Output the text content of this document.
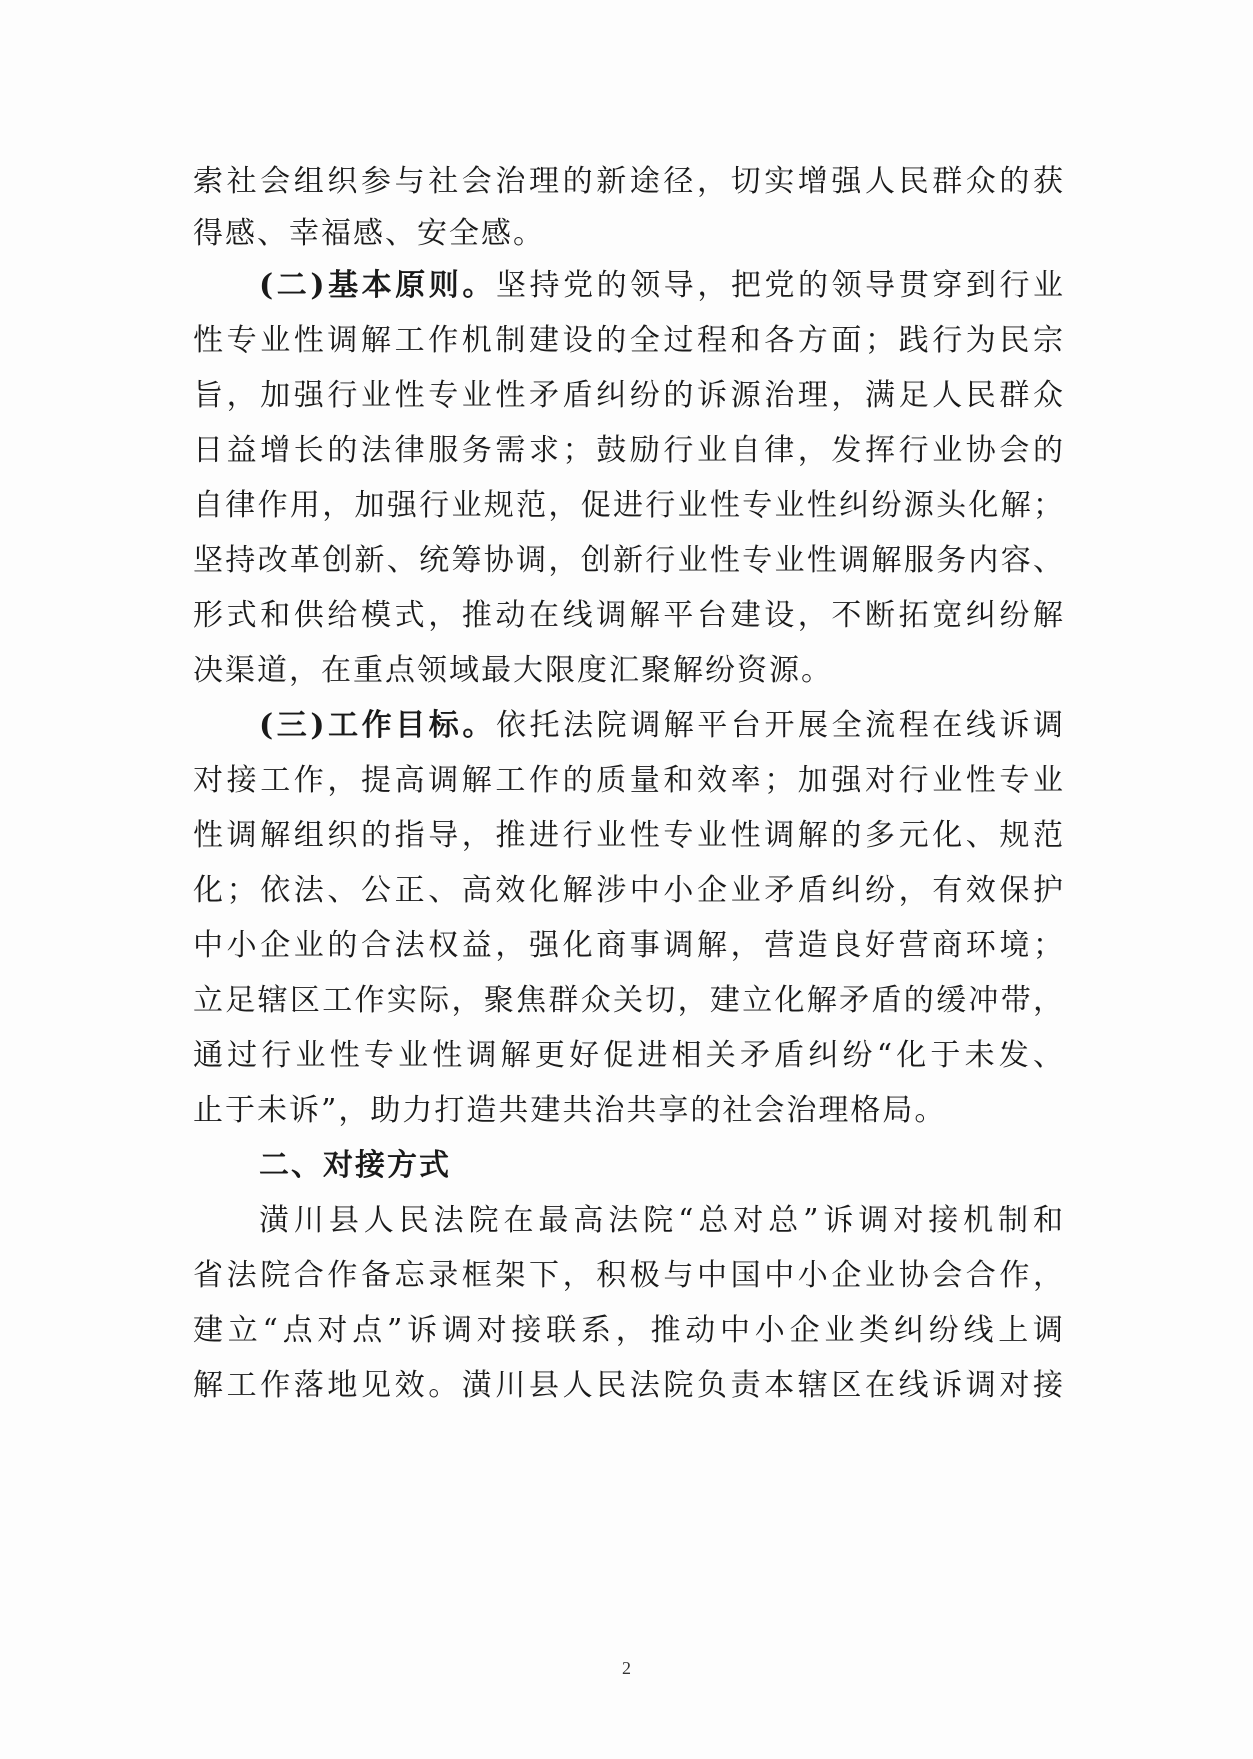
索社会组织参与社会治理的新途径，切实增强人民群众的获
得感、幸福感、安全感。
(二)基本原则。坚持党的领导，把党的领导贯穿到行业
性专业性调解工作机制建设的全过程和各方面；践行为民宗
旨，加强行业性专业性矛盾纠纷的诉源治理，满足人民群众
日益增长的法律服务需求；鼓励行业自律，发挥行业协会的
自律作用，加强行业规范，促进行业性专业性纠纷源头化解；
坚持改革创新、统筹协调，创新行业性专业性调解服务内容、
形式和供给模式，推动在线调解平台建设，不断拓宽纠纷解
决渠道，在重点领域最大限度汇聚解纷资源。
(三)工作目标。依托法院调解平台开展全流程在线诉调
对接工作，提高调解工作的质量和效率；加强对行业性专业
性调解组织的指导，推进行业性专业性调解的多元化、规范
化；依法、公正、高效化解涉中小企业矛盾纠纷，有效保护
中小企业的合法权益，强化商事调解，营造良好营商环境；
立足辖区工作实际，聚焦群众关切，建立化解矛盾的缓冲带，
通过行业性专业性调解更好促进相关矛盾纠纷“化于未发、
止于未诉”，助力打造共建共治共享的社会治理格局。
二、对接方式
潢川县人民法院在最高法院“总对总”诉调对接机制和
省法院合作备忘录框架下，积极与中国中小企业协会合作，
建立“点对点”诉调对接联系，推动中小企业类纠纷线上调
解工作落地见效。潢川县人民法院负责本辖区在线诉调对接
2
